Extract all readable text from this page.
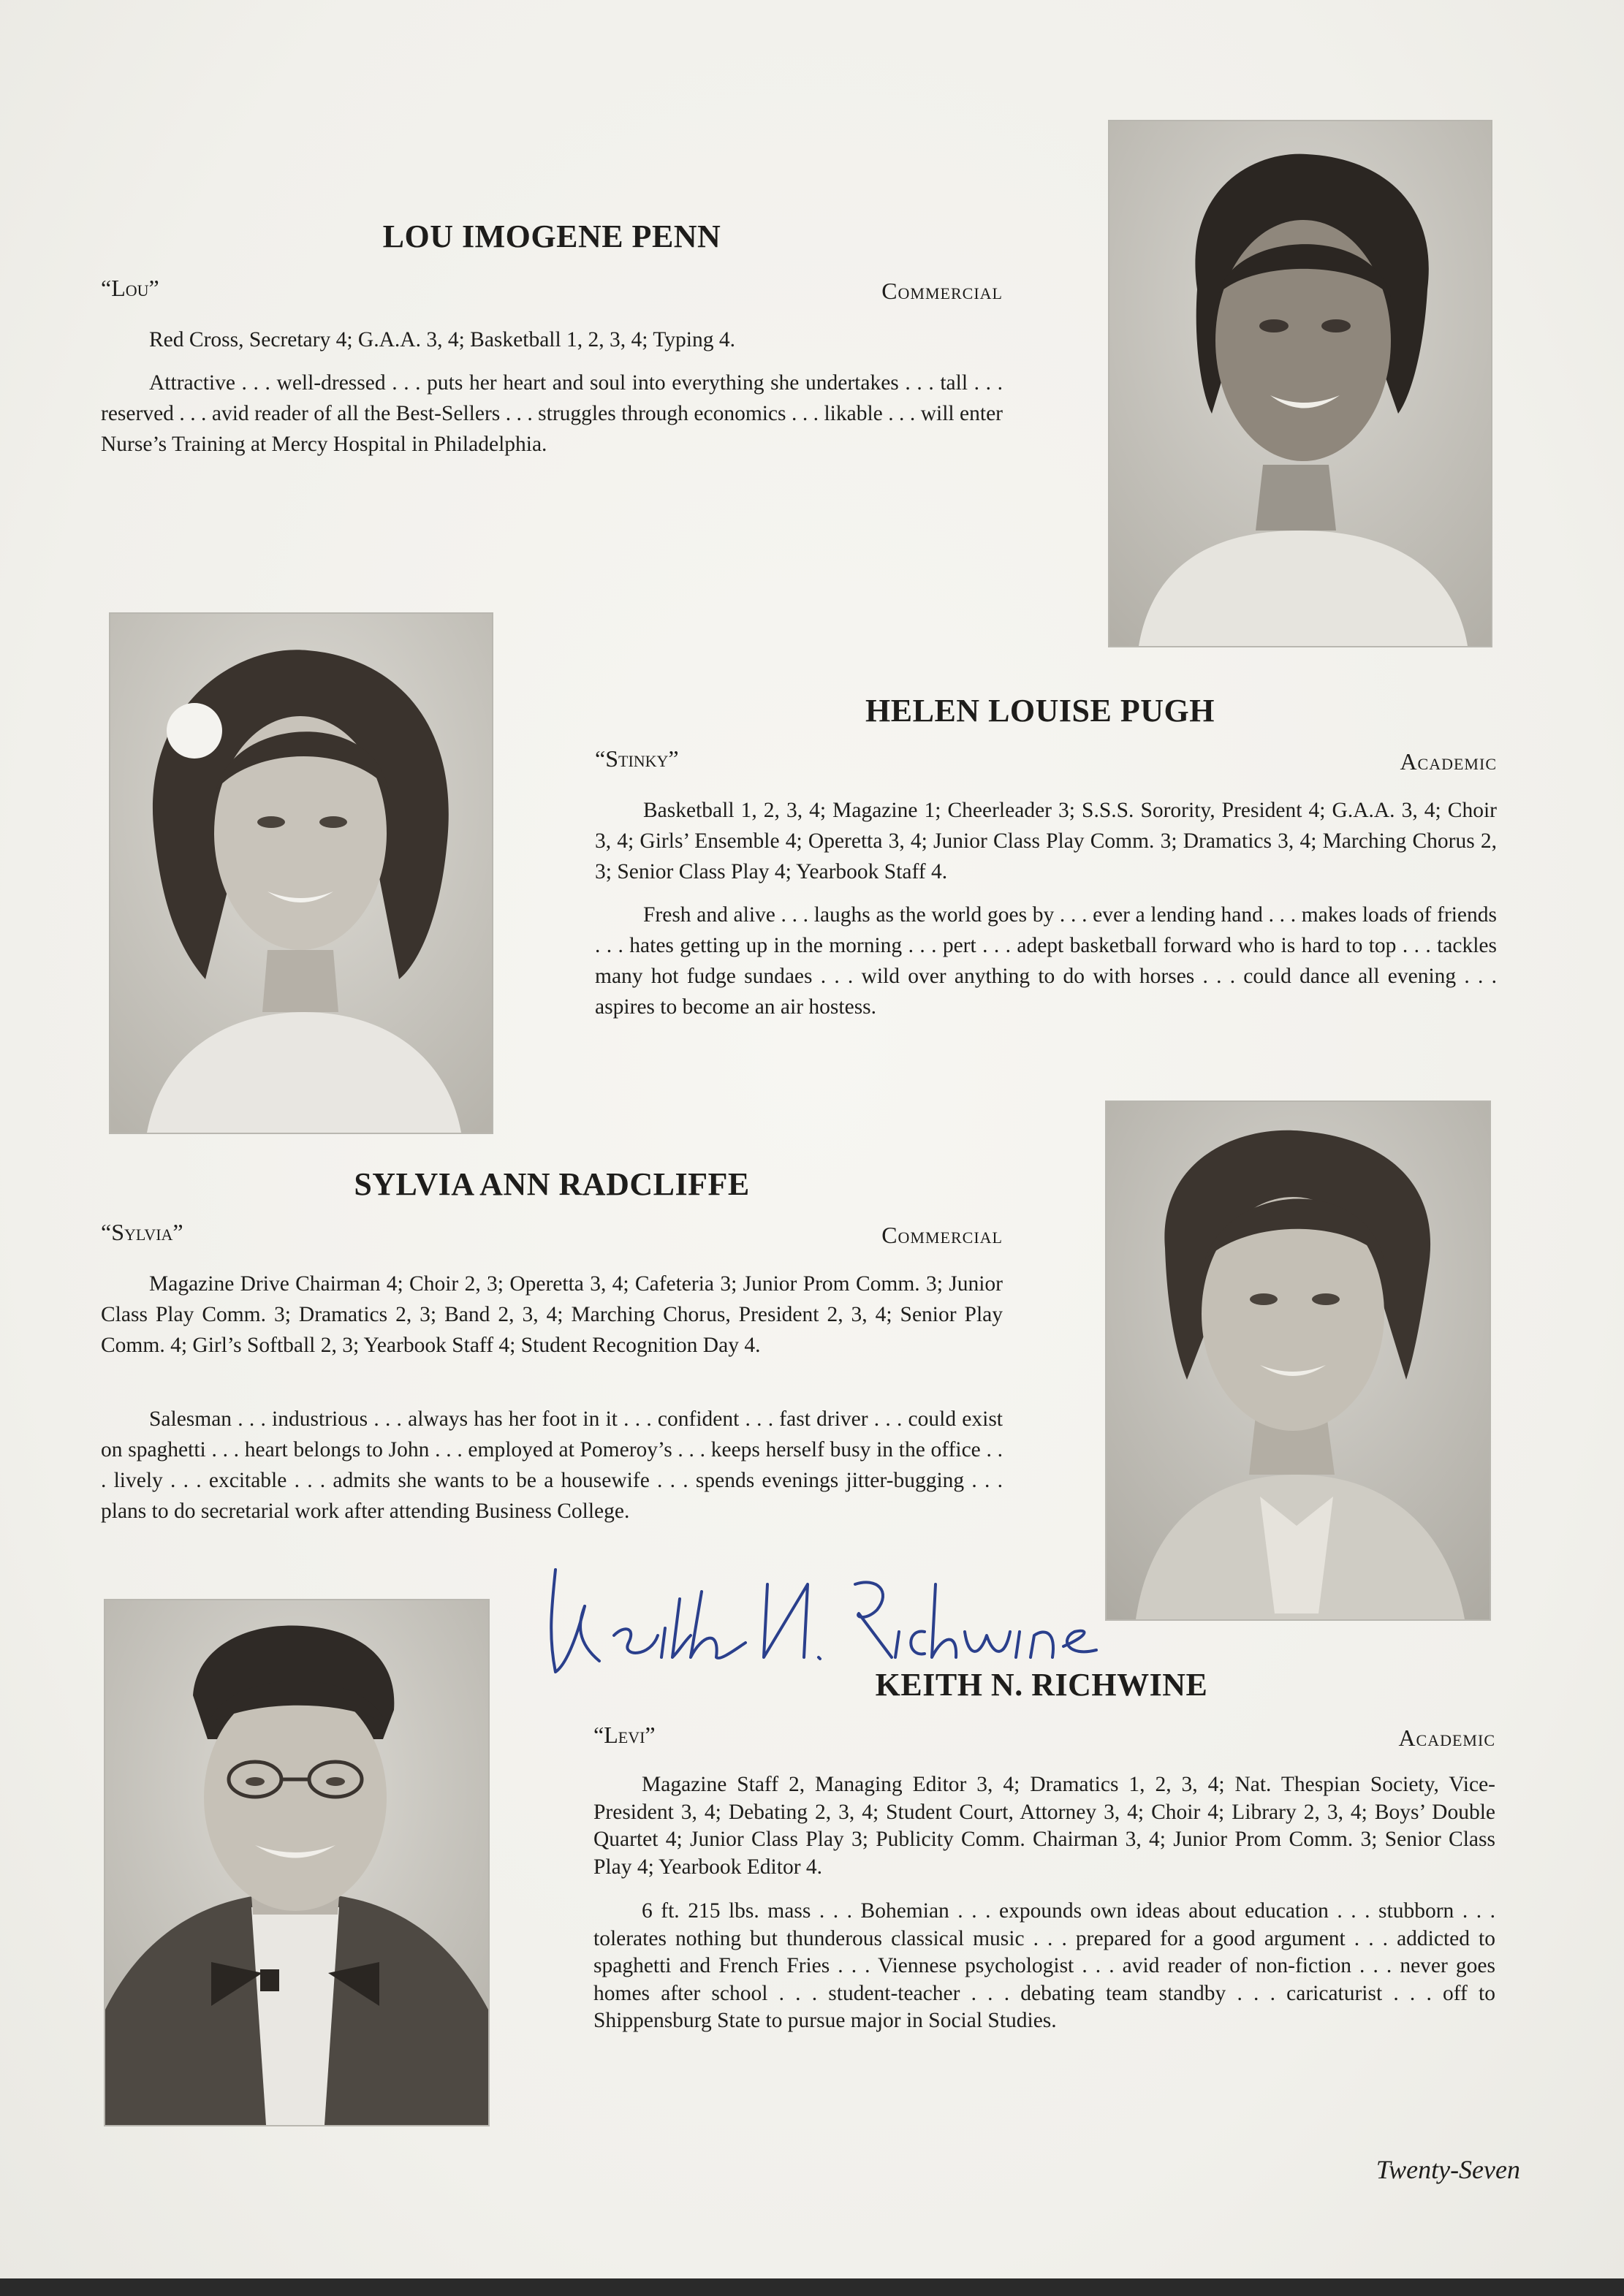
LOU IMOGENE PENN
“Lou”	Commercial

Red Cross, Secretary 4; G.A.A. 3, 4; Basketball 1, 2, 3, 4; Typing 4.

Attractive . . . well-dressed . . . puts her heart and soul into everything she undertakes . . . tall . . . reserved . . . avid reader of all the Best-Sellers . . . struggles through economics . . . likable . . . will enter Nurse’s Training at Mercy Hospital in Philadelphia.

HELEN LOUISE PUGH
“Stinky”	Academic

Basketball 1, 2, 3, 4; Magazine 1; Cheerleader 3; S.S.S. Sorority, President 4; G.A.A. 3, 4; Choir 3, 4; Girls’ Ensemble 4; Operetta 3, 4; Junior Class Play Comm. 3; Dramatics 3, 4; Marching Chorus 2, 3; Senior Class Play 4; Yearbook Staff 4.

Fresh and alive . . . laughs as the world goes by . . . ever a lending hand . . . makes loads of friends . . . hates getting up in the morning . . . pert . . . adept basketball forward who is hard to top . . . tackles many hot fudge sundaes . . . wild over anything to do with horses . . . could dance all evening . . . aspires to become an air hostess.

SYLVIA ANN RADCLIFFE
“Sylvia”	Commercial

Magazine Drive Chairman 4; Choir 2, 3; Operetta 3, 4; Cafeteria 3; Junior Prom Comm. 3; Junior Class Play Comm. 3; Dramatics 2, 3; Band 2, 3, 4; Marching Chorus, President 2, 3, 4; Senior Play Comm. 4; Girl’s Softball 2, 3; Yearbook Staff 4; Student Recognition Day 4.

Salesman . . . industrious . . . always has her foot in it . . . confident . . . fast driver . . . could exist on spaghetti . . . heart belongs to John . . . employed at Pomeroy’s . . . keeps herself busy in the office . . . lively . . . excitable . . . admits she wants to be a housewife . . . spends evenings jitter-bugging . . . plans to do secretarial work after attending Business College.

KEITH N. RICHWINE
“Levi”	Academic

Magazine Staff 2, Managing Editor 3, 4; Dramatics 1, 2, 3, 4; Nat. Thespian Society, Vice-President 3, 4; Debating 2, 3, 4; Student Court, Attorney 3, 4; Choir 4; Library 2, 3, 4; Boys’ Double Quartet 4; Junior Class Play 3; Publicity Comm. Chairman 3, 4; Junior Prom Comm. 3; Senior Class Play 4; Yearbook Editor 4.

6 ft. 215 lbs. mass . . . Bohemian . . . expounds own ideas about education . . . stubborn . . . tolerates nothing but thunderous classical music . . . prepared for a good argument . . . addicted to spaghetti and French Fries . . . Viennese psychologist . . . avid reader of non-fiction . . . never goes homes after school . . . student-teacher . . . debating team standby . . . caricaturist . . . off to Shippensburg State to pursue major in Social Studies.

Twenty-Seven
